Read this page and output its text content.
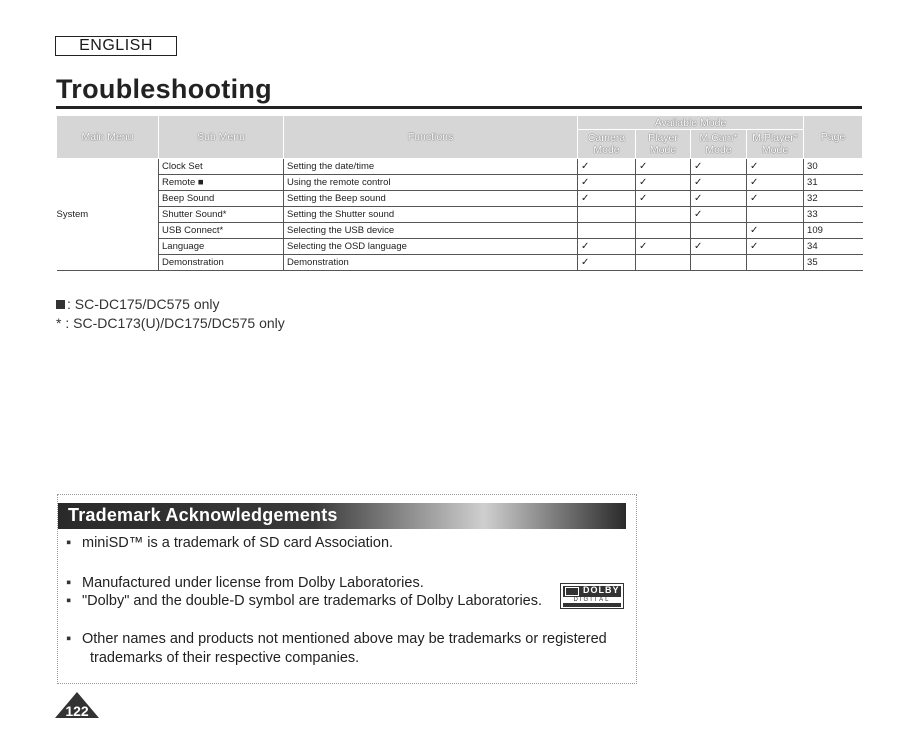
ENGLISH
Troubleshooting
Main Menu	Sub Menu	Functions	Available Mode				Page
			Camera Mode	Player Mode	M.Cam* Mode	M.Player* Mode	
System	Clock Set	Setting the date/time	✓	✓	✓	✓	30
	Remote ■	Using the remote control	✓	✓	✓	✓	31
	Beep Sound	Setting the Beep sound	✓	✓	✓	✓	32
	Shutter Sound*	Setting the Shutter sound			✓		33
	USB Connect*	Selecting the USB device				✓	109
	Language	Selecting the OSD language	✓	✓	✓	✓	34
	Demonstration	Demonstration	✓				35
: SC-DC175/DC575 only
* : SC-DC173(U)/DC175/DC575 only
Trademark Acknowledgements
▪ miniSD™ is a trademark of SD card Association.
▪ Manufactured under license from Dolby Laboratories.
▪ "Dolby" and the double-D symbol are trademarks of Dolby Laboratories.
▪ Other names and products not mentioned above may be trademarks or registered
trademarks of their respective companies.
DOLBY
DIGITAL
122
